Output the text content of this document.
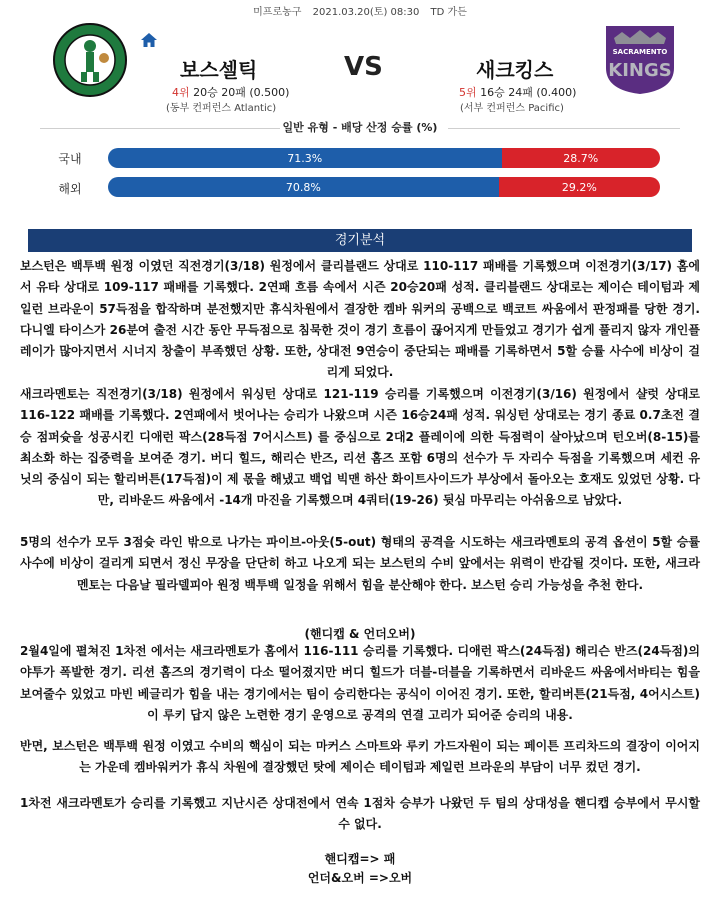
미프로농구 2021.03.20(토) 08:30 TD 가든
보스셀틱	VS	새크킹스
4위 20승 20패 (0.500)
(동부 컨퍼런스 Atlantic)
5위 16승 24패 (0.400)
(서부 컨퍼런스 Pacific)
SACRAMENTO
KINGS
일반 유형 - 배당 산정 승률 (%)
국내	71.3%	28.7%
해외	70.8%	29.2%
경기분석
보스턴은 백투백 원정 이였던 직전경기(3/18) 원정에서 클리블랜드 상대로 110-117 패배를 기록했으며 이전경기(3/17) 홈에서 유타 상대로 109-117 패배를 기록했다. 2연패 흐름 속에서 시즌 20승20패 성적. 클리블랜드 상대로는 제이슨 테이텀과 제일런 브라운이 57득점을 합작하며 분전했지만 휴식차원에서 결장한 켐바 워커의 공백으로 백코트 싸움에서 판정패를 당한 경기. 다니엘 타이스가 26분여 출전 시간 동안 무득점으로 침묵한 것이 경기 흐름이 끊어지게 만들었고 경기가 쉽게 풀리지 않자 개인플레이가 많아지면서 시너지 창출이 부족했던 상황. 또한, 상대전 9연승이 중단되는 패배를 기록하면서 5할 승률 사수에 비상이 걸리게 되었다.
새크라멘토는 직전경기(3/18) 원정에서 워싱턴 상대로 121-119 승리를 기록했으며 이전경기(3/16) 원정에서 샬럿 상대로 116-122 패배를 기록했다. 2연패에서 벗어나는 승리가 나왔으며 시즌 16승24패 성적. 워싱턴 상대로는 경기 종료 0.7초전 결승 점퍼슛을 성공시킨 디애런 팍스(28득점 7어시스트) 를 중심으로 2대2 플레이에 의한 득점력이 살아났으며 턴오버(8-15)를 최소화 하는 집중력을 보여준 경기. 버디 힐드, 해리슨 반즈, 리션 홈즈 포함 6명의 선수가 두 자리수 득점을 기록했으며 세컨 유닛의 중심이 되는 할리버튼(17득점)이 제 몫을 해냈고 백업 빅맨 하산 화이트사이드가 부상에서 돌아오는 호재도 있었던 상황. 다만, 리바운드 싸움에서 -14개 마진을 기록했으며 4쿼터(19-26) 뒷심 마무리는 아쉬움으로 남았다.
5명의 선수가 모두 3점슛 라인 밖으로 나가는 파이브-아웃(5-out) 형태의 공격을 시도하는 새크라멘토의 공격 옵션이 5할 승률 사수에 비상이 걸리게 되면서 정신 무장을 단단히 하고 나오게 되는 보스턴의 수비 앞에서는 위력이 반감될 것이다. 또한, 새크라멘토는 다음날 필라델피아 원정 백투백 일정을 위해서 힘을 분산해야 한다. 보스턴 승리 가능성을 추천 한다.
(핸디캡 & 언더오버)
2월4일에 펼쳐진 1차전 에서는 새크라멘토가 홈에서 116-111 승리를 기록했다. 디애런 팍스(24득점) 해리슨 반즈(24득점)의 야투가 폭발한 경기. 리션 홈즈의 경기력이 다소 떨어졌지만 버디 힐드가 더블-더블을 기록하면서 리바운드 싸움에서바티는 힘을 보여줄수 있었고 마빈 베글리가 힘을 내는 경기에서는 팀이 승리한다는 공식이 이어진 경기. 또한, 할리버튼(21득점, 4어시스트)이 루키 답지 않은 노련한 경기 운영으로 공격의 연결 고리가 되어준 승리의 내용.
반면, 보스턴은 백투백 원정 이였고 수비의 핵심이 되는 마커스 스마트와 루키 가드자원이 되는 페이튼 프리차드의 결장이 이어지는 가운데 켐바워커가 휴식 차원에 결장했던 탓에 제이슨 테이텀과 제일런 브라운의 부담이 너무 컸던 경기.
1차전 새크라멘토가 승리를 기록했고 지난시즌 상대전에서 연속 1점차 승부가 나왔던 두 팀의 상대성을 핸디캡 승부에서 무시할수 없다.
핸디캡=> 패
언더&오버 =>오버
